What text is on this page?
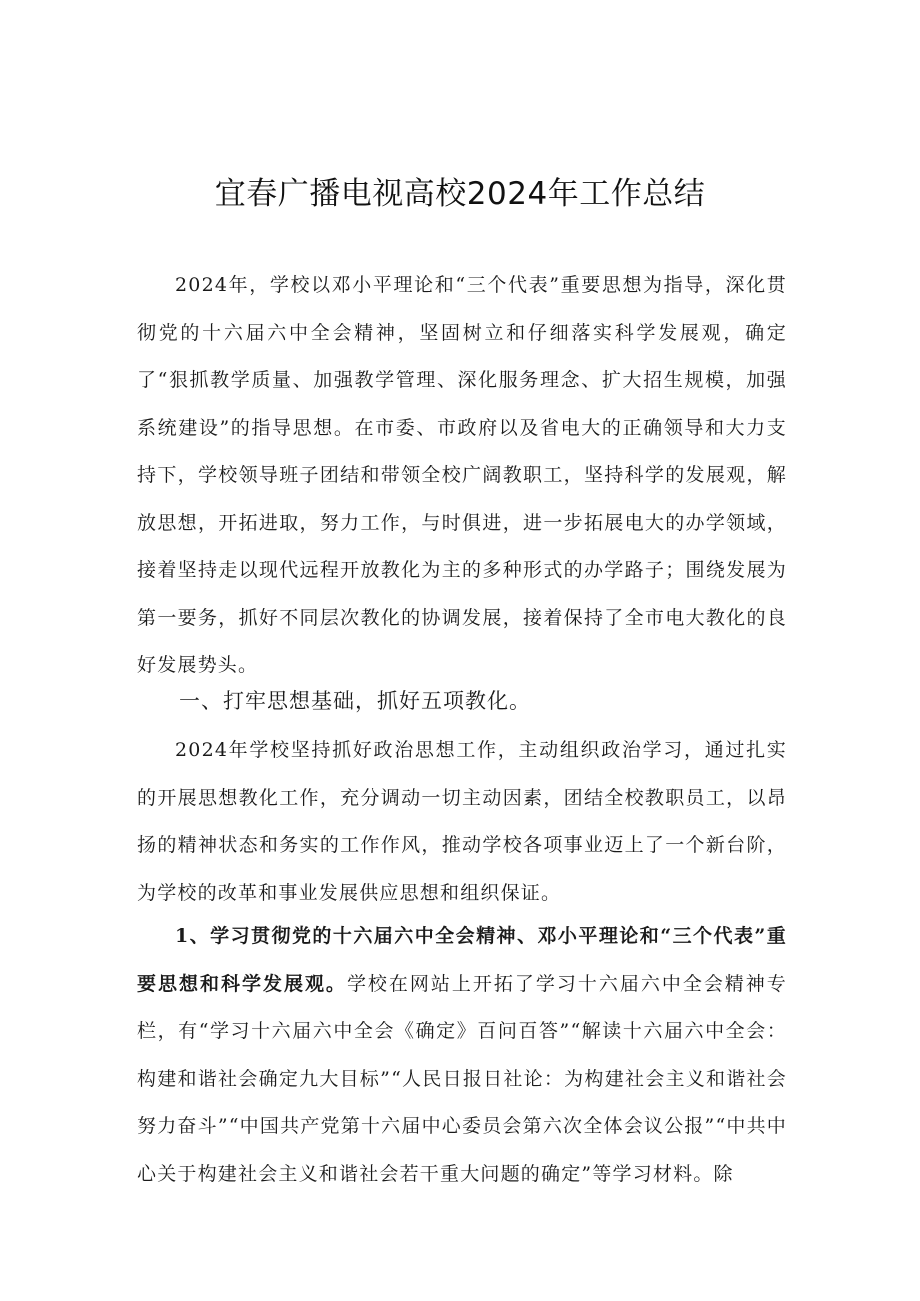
宜春广播电视高校2024年工作总结

2024年，学校以邓小平理论和“三个代表”重要思想为指导，深化贯彻党的十六届六中全会精神，坚固树立和仔细落实科学发展观，确定了“狠抓教学质量、加强教学管理、深化服务理念、扩大招生规模，加强系统建设”的指导思想。在市委、市政府以及省电大的正确领导和大力支持下，学校领导班子团结和带领全校广阔教职工，坚持科学的发展观，解放思想，开拓进取，努力工作，与时俱进，进一步拓展电大的办学领域，接着坚持走以现代远程开放教化为主的多种形式的办学路子；围绕发展为第一要务，抓好不同层次教化的协调发展，接着保持了全市电大教化的良好发展势头。

一、打牢思想基础，抓好五项教化。

2024年学校坚持抓好政治思想工作，主动组织政治学习，通过扎实的开展思想教化工作，充分调动一切主动因素，团结全校教职员工，以昂扬的精神状态和务实的工作作风，推动学校各项事业迈上了一个新台阶，为学校的改革和事业发展供应思想和组织保证。

1、学习贯彻党的十六届六中全会精神、邓小平理论和“三个代表”重要思想和科学发展观。学校在网站上开拓了学习十六届六中全会精神专栏，有“学习十六届六中全会《确定》百问百答”“解读十六届六中全会：构建和谐社会确定九大目标”“人民日报日社论：为构建社会主义和谐社会努力奋斗”“中国共产党第十六届中心委员会第六次全体会议公报”“中共中心关于构建社会主义和谐社会若干重大问题的确定”等学习材料。除
